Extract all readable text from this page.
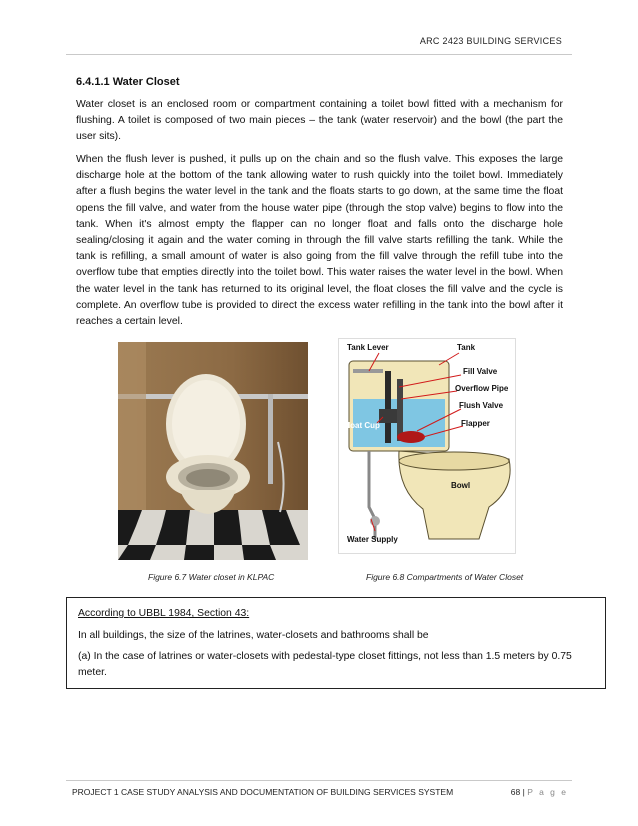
ARC 2423 BUILDING SERVICES
6.4.1.1 Water Closet

Water closet is an enclosed room or compartment containing a toilet bowl fitted with a mechanism for flushing. A toilet is composed of two main pieces – the tank (water reservoir) and the bowl (the part the user sits).

When the flush lever is pushed, it pulls up on the chain and so the flush valve. This exposes the large discharge hole at the bottom of the tank allowing water to rush quickly into the toilet bowl. Immediately after a flush begins the water level in the tank and the floats starts to go down, at the same time the float opens the fill valve, and water from the house water pipe (through the stop valve) begins to flow into the tank. When it's almost empty the flapper can no longer float and falls onto the discharge hole sealing/closing it again and the water coming in through the fill valve starts refilling the tank. While the tank is refilling, a small amount of water is also going from the fill valve through the refill tube into the overflow tube that empties directly into the toilet bowl. This water raises the water level in the bowl. When the water level in the tank has returned to its original level, the float closes the fill valve and the cycle is complete. An overflow tube is provided to direct the excess water refilling in the tank into the bowl after it reaches a certain level.

Tank Lever	Tank
Fill Valve
Overflow Pipe
Flush Valve
Float Cup	Flapper
Bowl
Water Supply
Figure 6.7 Water closet in KLPAC	Figure 6.8 Compartments of Water Closet

According to UBBL 1984, Section 43:

In all buildings, the size of the latrines, water-closets and bathrooms shall be

(a) In the case of latrines or water-closets with pedestal-type closet fittings, not less than 1.5 meters by 0.75 meter.

PROJECT 1 CASE STUDY ANALYSIS AND DOCUMENTATION OF BUILDING SERVICES SYSTEM	68 | P a g e
